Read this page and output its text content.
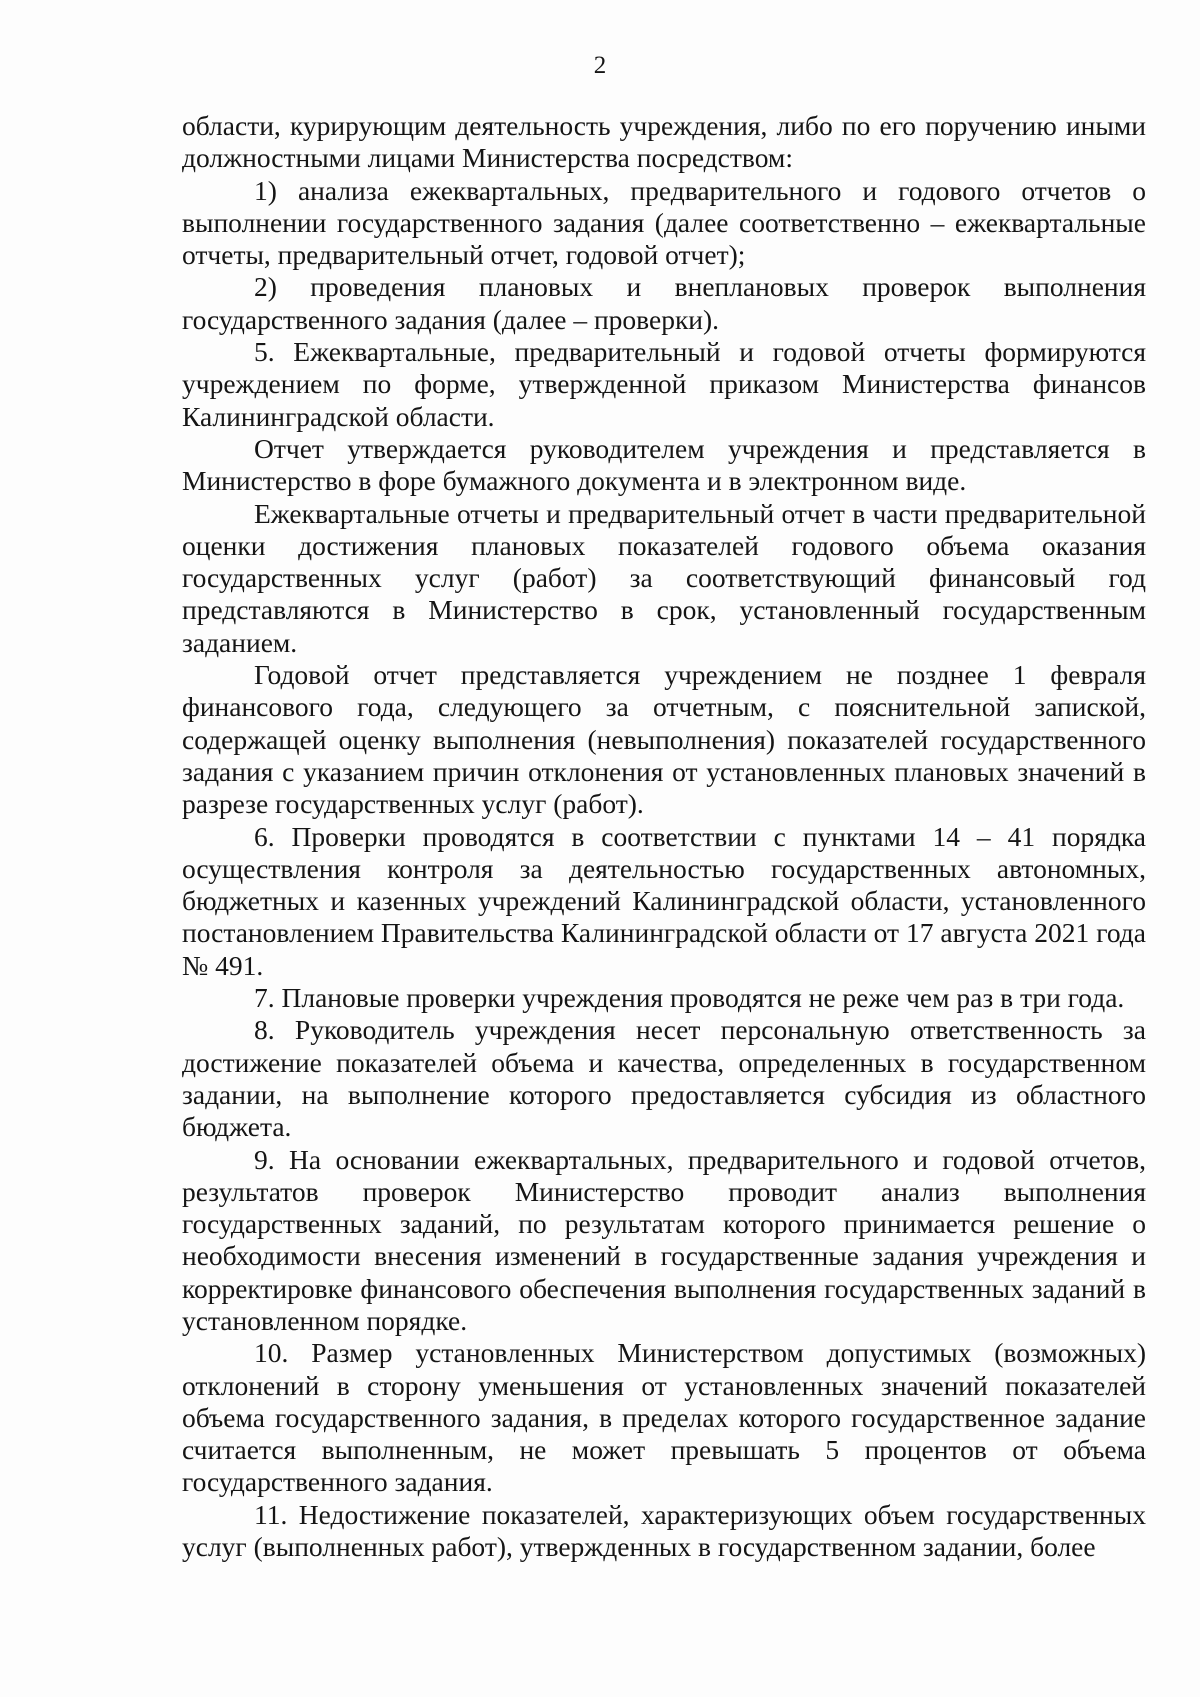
2

области, курирующим деятельность учреждения, либо по его поручению иными должностными лицами Министерства посредством:

1) анализа ежеквартальных, предварительного и годового отчетов о выполнении государственного задания (далее соответственно – ежеквартальные отчеты, предварительный отчет, годовой отчет);

2) проведения плановых и внеплановых проверок выполнения государственного задания (далее – проверки).

5. Ежеквартальные, предварительный и годовой отчеты формируются учреждением по форме, утвержденной приказом Министерства финансов Калининградской области.

Отчет утверждается руководителем учреждения и представляется в Министерство в форе бумажного документа и в электронном виде.

Ежеквартальные отчеты и предварительный отчет в части предварительной оценки достижения плановых показателей годового объема оказания государственных услуг (работ) за соответствующий финансовый год представляются в Министерство в срок, установленный государственным заданием.

Годовой отчет представляется учреждением не позднее 1 февраля финансового года, следующего за отчетным, с пояснительной запиской, содержащей оценку выполнения (невыполнения) показателей государственного задания с указанием причин отклонения от установленных плановых значений в разрезе государственных услуг (работ).

6. Проверки проводятся в соответствии с пунктами 14 – 41 порядка осуществления контроля за деятельностью государственных автономных, бюджетных и казенных учреждений Калининградской области, установленного постановлением Правительства Калининградской области от 17 августа 2021 года № 491.

7. Плановые проверки учреждения проводятся не реже чем раз в три года.

8. Руководитель учреждения несет персональную ответственность за достижение показателей объема и качества, определенных в государственном задании, на выполнение которого предоставляется субсидия из областного бюджета.

9. На основании ежеквартальных, предварительного и годовой отчетов, результатов проверок Министерство проводит анализ выполнения государственных заданий, по результатам которого принимается решение о необходимости внесения изменений в государственные задания учреждения и корректировке финансового обеспечения выполнения государственных заданий в установленном порядке.

10. Размер установленных Министерством допустимых (возможных) отклонений в сторону уменьшения от установленных значений показателей объема государственного задания, в пределах которого государственное задание считается выполненным, не может превышать 5 процентов от объема государственного задания.

11. Недостижение показателей, характеризующих объем государственных услуг (выполненных работ), утвержденных в государственном задании, более
